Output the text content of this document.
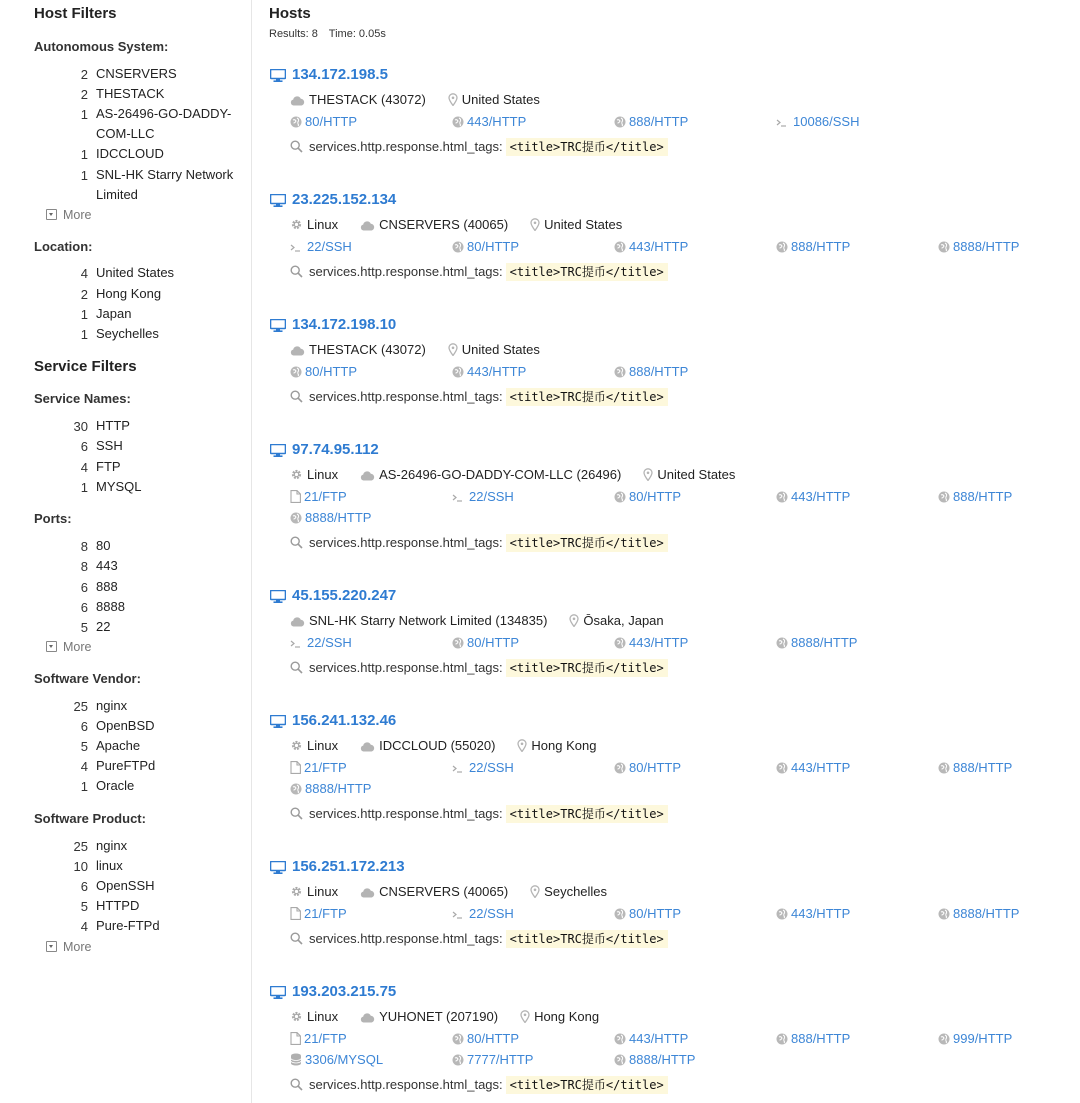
Host Filters
Autonomous System:
2 CNSERVERS
2 THESTACK
1 AS-26496-GO-DADDY-COM-LLC
1 IDCCLOUD
1 SNL-HK Starry Network Limited
More
Location:
4 United States
2 Hong Kong
1 Japan
1 Seychelles
Service Filters
Service Names:
30 HTTP
6 SSH
4 FTP
1 MYSQL
Ports:
8 80
8 443
6 888
6 8888
5 22
More
Software Vendor:
25 nginx
6 OpenBSD
5 Apache
4 PureFTPd
1 Oracle
Software Product:
25 nginx
10 linux
6 OpenSSH
5 HTTPD
4 Pure-FTPd
More
Hosts
Results: 8 Time: 0.05s
134.172.198.5
THESTACK (43072)	United States
80/HTTP	443/HTTP	888/HTTP	10086/SSH
services.http.response.html_tags: <title>TRC提币</title>
23.225.152.134
Linux	CNSERVERS (40065)	United States
22/SSH	80/HTTP	443/HTTP	888/HTTP	8888/HTTP
services.http.response.html_tags: <title>TRC提币</title>
134.172.198.10
THESTACK (43072)	United States
80/HTTP	443/HTTP	888/HTTP
services.http.response.html_tags: <title>TRC提币</title>
97.74.95.112
Linux	AS-26496-GO-DADDY-COM-LLC (26496)	United States
21/FTP	22/SSH	80/HTTP	443/HTTP	888/HTTP
8888/HTTP
services.http.response.html_tags: <title>TRC提币</title>
45.155.220.247
SNL-HK Starry Network Limited (134835)	Ōsaka, Japan
22/SSH	80/HTTP	443/HTTP	8888/HTTP
services.http.response.html_tags: <title>TRC提币</title>
156.241.132.46
Linux	IDCCLOUD (55020)	Hong Kong
21/FTP	22/SSH	80/HTTP	443/HTTP	888/HTTP
8888/HTTP
services.http.response.html_tags: <title>TRC提币</title>
156.251.172.213
Linux	CNSERVERS (40065)	Seychelles
21/FTP	22/SSH	80/HTTP	443/HTTP	8888/HTTP
services.http.response.html_tags: <title>TRC提币</title>
193.203.215.75
Linux	YUHONET (207190)	Hong Kong
21/FTP	80/HTTP	443/HTTP	888/HTTP	999/HTTP
3306/MYSQL	7777/HTTP	8888/HTTP
services.http.response.html_tags: <title>TRC提币</title>
